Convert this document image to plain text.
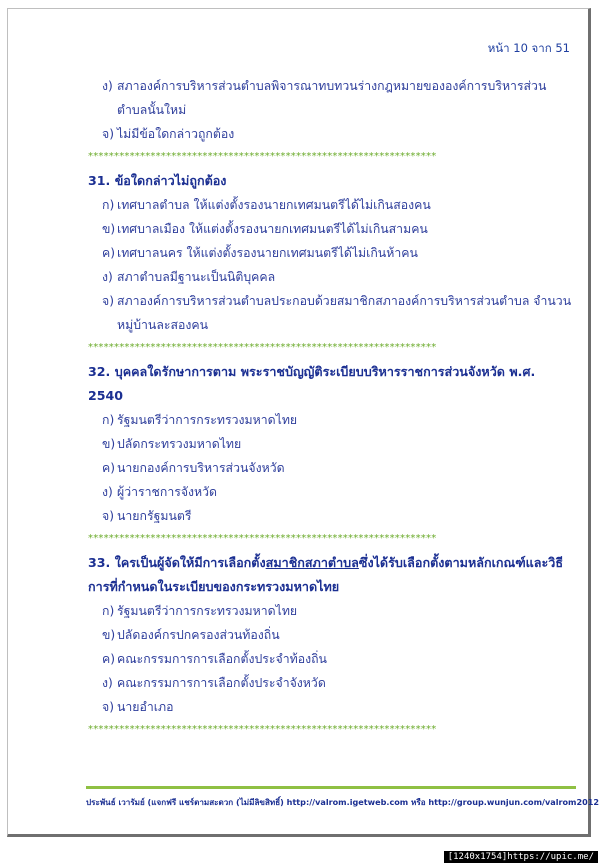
หน้า 10 จาก 51
ง) สภาองค์การบริหารส่วนตำบลพิจารณาทบทวนร่างกฎหมายขององค์การบริหารส่วนตำบลนั้นใหม่
จ) ไม่มีข้อใดกล่าวถูกต้อง
*******************************************************************
31. ข้อใดกล่าวไม่ถูกต้อง
ก) เทศบาลตำบล ให้แต่งตั้งรองนายกเทศมนตรีได้ไม่เกินสองคน
ข) เทศบาลเมือง ให้แต่งตั้งรองนายกเทศมนตรีได้ไม่เกินสามคน
ค) เทศบาลนคร ให้แต่งตั้งรองนายกเทศมนตรีได้ไม่เกินห้าคน
ง) สภาตำบลมีฐานะเป็นนิติบุคคล
จ) สภาองค์การบริหารส่วนตำบลประกอบด้วยสมาชิกสภาองค์การบริหารส่วนตำบล จำนวนหมู่บ้านละสองคน
*******************************************************************
32. บุคคลใดรักษาการตาม พระราชบัญญัติระเบียบบริหารราชการส่วนจังหวัด พ.ศ. 2540
ก) รัฐมนตรีว่าการกระทรวงมหาดไทย
ข) ปลัดกระทรวงมหาดไทย
ค) นายกองค์การบริหารส่วนจังหวัด
ง) ผู้ว่าราชการจังหวัด
จ) นายกรัฐมนตรี
*******************************************************************
33. ใครเป็นผู้จัดให้มีการเลือกตั้งสมาชิกสภาตำบลซึ่งได้รับเลือกตั้งตามหลักเกณฑ์และวิธีการที่กำหนดในระเบียบของกระทรวงมหาดไทย
ก) รัฐมนตรีว่าการกระทรวงมหาดไทย
ข) ปลัดองค์กรปกครองส่วนท้องถิ่น
ค) คณะกรรมการการเลือกตั้งประจำท้องถิ่น
ง) คณะกรรมการการเลือกตั้งประจำจังหวัด
จ) นายอำเภอ
*******************************************************************
ประพันธ์ เวารัมย์ (แจกฟรี แชร์ตามสะดวก (ไม่มีลิขสิทธิ์) http://valrom.igetweb.com หรือ http://group.wunjun.com/valrom2012
[1240x1754]https://upic.me/
